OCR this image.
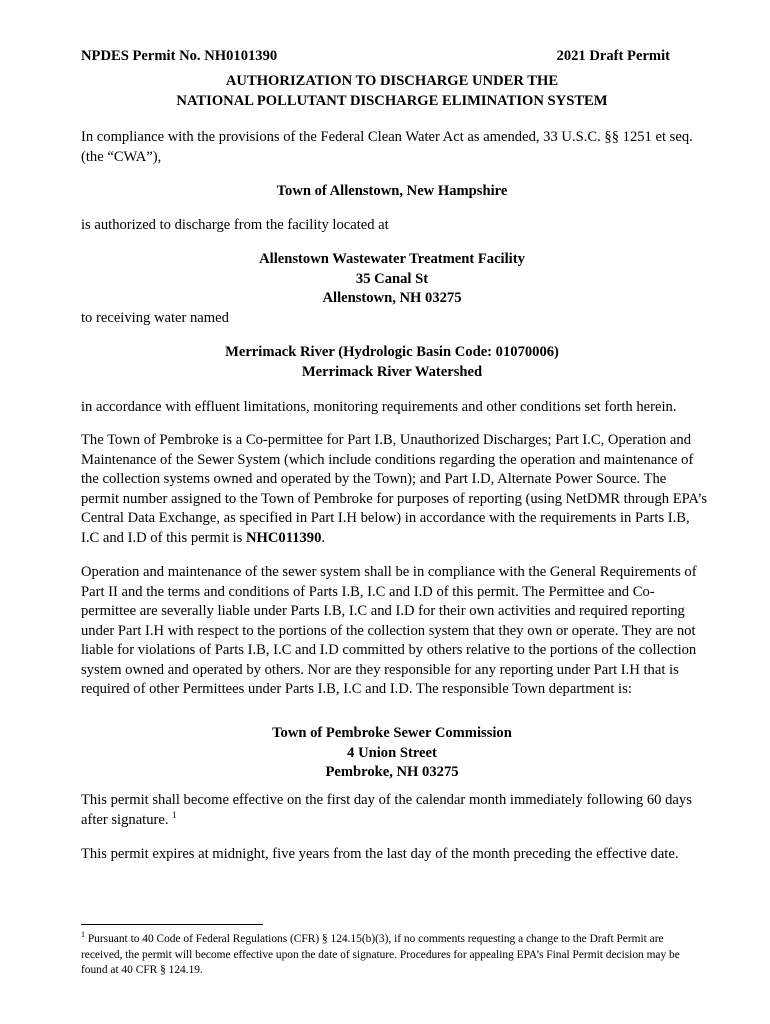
NPDES Permit No. NH0101390	2021 Draft Permit
AUTHORIZATION TO DISCHARGE UNDER THE
NATIONAL POLLUTANT DISCHARGE ELIMINATION SYSTEM

In compliance with the provisions of the Federal Clean Water Act as amended, 33 U.S.C. §§ 1251 et seq. (the “CWA”),

Town of Allenstown, New Hampshire

is authorized to discharge from the facility located at

Allenstown Wastewater Treatment Facility
35 Canal St
Allenstown, NH 03275

to receiving water named

Merrimack River (Hydrologic Basin Code: 01070006)
Merrimack River Watershed

in accordance with effluent limitations, monitoring requirements and other conditions set forth herein.

The Town of Pembroke is a Co-permittee for Part I.B, Unauthorized Discharges; Part I.C, Operation and Maintenance of the Sewer System (which include conditions regarding the operation and maintenance of the collection systems owned and operated by the Town); and Part I.D, Alternate Power Source. The permit number assigned to the Town of Pembroke for purposes of reporting (using NetDMR through EPA’s Central Data Exchange, as specified in Part I.H below) in accordance with the requirements in Parts I.B, I.C and I.D of this permit is NHC011390.

Operation and maintenance of the sewer system shall be in compliance with the General Requirements of Part II and the terms and conditions of Parts I.B, I.C and I.D of this permit. The Permittee and Co-permittee are severally liable under Parts I.B, I.C and I.D for their own activities and required reporting under Part I.H with respect to the portions of the collection system that they own or operate. They are not liable for violations of Parts I.B, I.C and I.D committed by others relative to the portions of the collection system owned and operated by others. Nor are they responsible for any reporting under Part I.H that is required of other Permittees under Parts I.B, I.C and I.D. The responsible Town department is:

Town of Pembroke Sewer Commission
4 Union Street
Pembroke, NH 03275

This permit shall become effective on the first day of the calendar month immediately following 60 days after signature. $^1$

This permit expires at midnight, five years from the last day of the month preceding the effective date.

$^1$ Pursuant to 40 Code of Federal Regulations (CFR) § 124.15(b)(3), if no comments requesting a change to the Draft Permit are received, the permit will become effective upon the date of signature. Procedures for appealing EPA’s Final Permit decision may be found at 40 CFR § 124.19.
